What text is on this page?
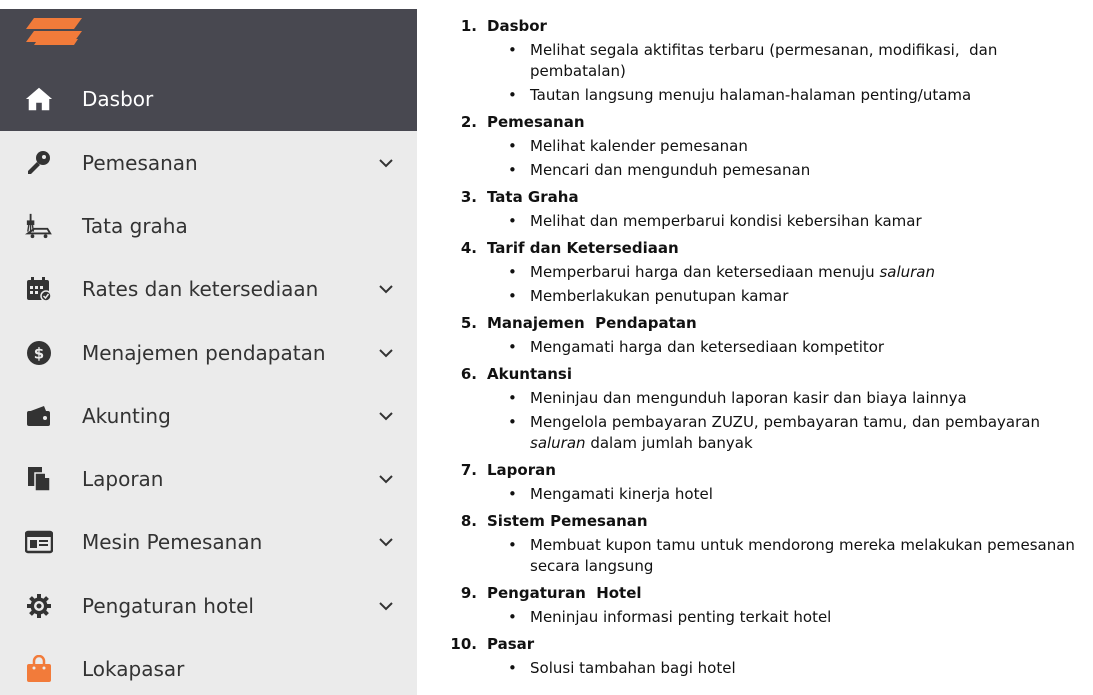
Dasbor
Pemesanan
Tata graha
Rates dan ketersediaan
$ Menajemen pendapatan
Akunting
Laporan
Mesin Pemesanan
Pengaturan hotel
Lokapasar
1. Dasbor
• Melihat segala aktifitas terbaru (permesanan, modifikasi,  dan pembatalan)
• Tautan langsung menuju halaman-halaman penting/utama
2. Pemesanan
• Melihat kalender pemesanan
• Mencari dan mengunduh pemesanan
3. Tata Graha
• Melihat dan memperbarui kondisi kebersihan kamar
4. Tarif dan Ketersediaan
• Memperbarui harga dan ketersediaan menuju saluran
• Memberlakukan penutupan kamar
5. Manajemen  Pendapatan
• Mengamati harga dan ketersediaan kompetitor
6. Akuntansi
• Meninjau dan mengunduh laporan kasir dan biaya lainnya
• Mengelola pembayaran ZUZU, pembayaran tamu, dan pembayaran saluran dalam jumlah banyak
7. Laporan
• Mengamati kinerja hotel
8. Sistem Pemesanan
• Membuat kupon tamu untuk mendorong mereka melakukan pemesanan secara langsung
9. Pengaturan  Hotel
• Meninjau informasi penting terkait hotel
10. Pasar
• Solusi tambahan bagi hotel
